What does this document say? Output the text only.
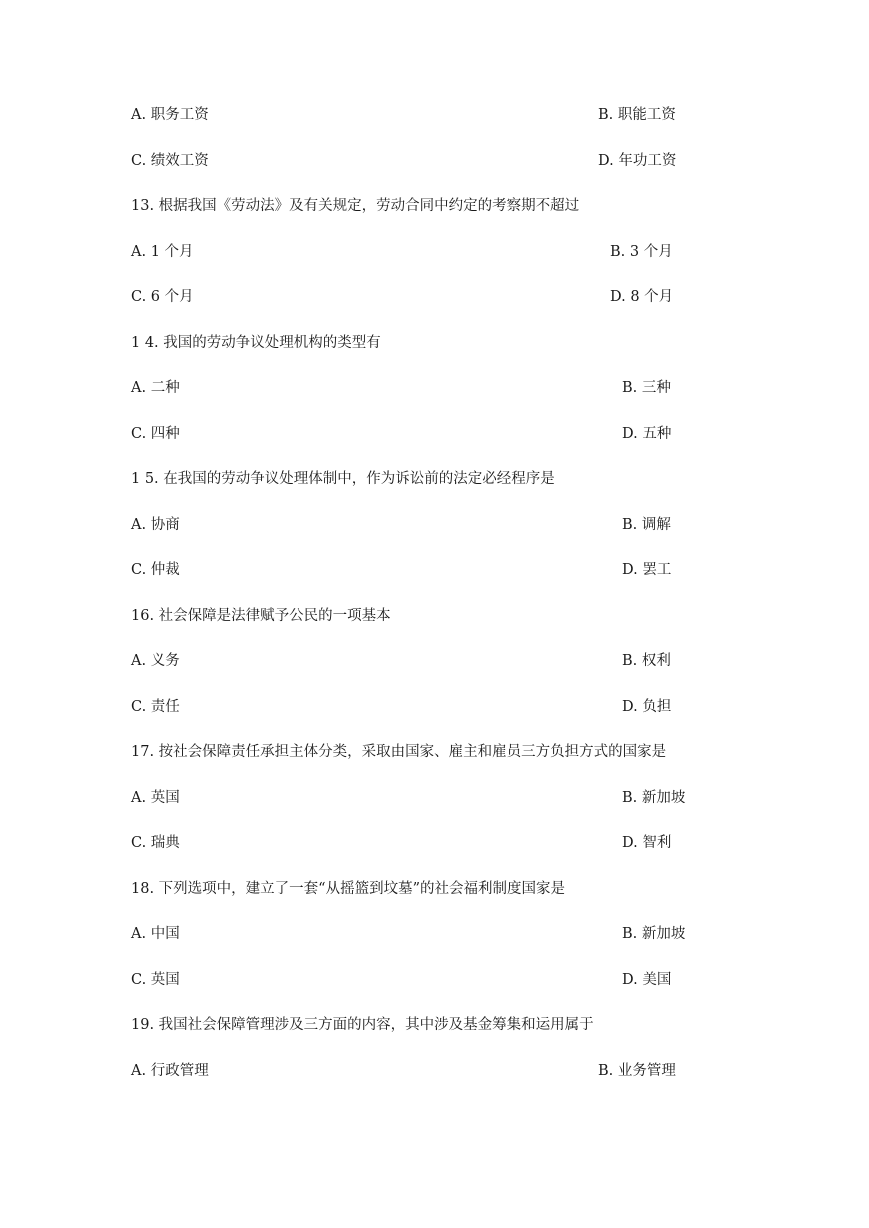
A. 职务工资	B. 职能工资
C. 绩效工资	D. 年功工资
13. 根据我国《劳动法》及有关规定，劳动合同中约定的考察期不超过
A. 1 个月	B. 3 个月
C. 6 个月	D. 8 个月
1 4. 我国的劳动争议处理机构的类型有
A. 二种	B. 三种
C. 四种	D. 五种
1 5. 在我国的劳动争议处理体制中，作为诉讼前的法定必经程序是
A. 协商	B. 调解
C. 仲裁	D. 罢工
16. 社会保障是法律赋予公民的一项基本
A. 义务	B. 权利
C. 责任	D. 负担
17. 按社会保障责任承担主体分类，采取由国家、雇主和雇员三方负担方式的国家是
A. 英国	B. 新加坡
C. 瑞典	D. 智利
18. 下列选项中，建立了一套“从摇篮到坟墓”的社会福利制度国家是
A. 中国	B. 新加坡
C. 英国	D. 美国
19. 我国社会保障管理涉及三方面的内容，其中涉及基金筹集和运用属于
A. 行政管理	B. 业务管理
